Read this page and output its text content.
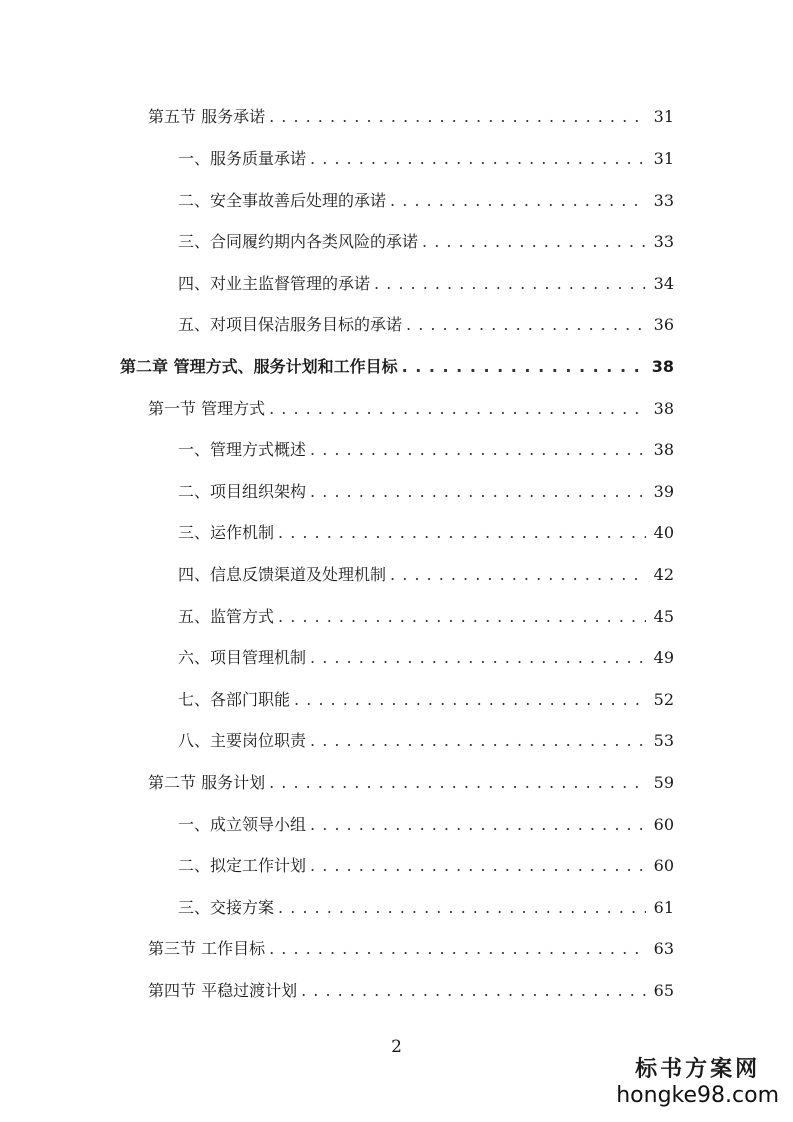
第五节 服务承诺 . . .	31
一、服务质量承诺 . . .	31
二、安全事故善后处理的承诺 . . .	33
三、合同履约期内各类风险的承诺 . . .	33
四、对业主监督管理的承诺 . . .	34
五、对项目保洁服务目标的承诺 . . .	36
第二章 管理方式、服务计划和工作目标 . . .	38
第一节 管理方式 . . .	38
一、管理方式概述 . . .	38
二、项目组织架构 . . .	39
三、运作机制 . . .	40
四、信息反馈渠道及处理机制 . . .	42
五、监管方式 . . .	45
六、项目管理机制 . . .	49
七、各部门职能 . . .	52
八、主要岗位职责 . . .	53
第二节 服务计划 . . .	59
一、成立领导小组 . . .	60
二、拟定工作计划 . . .	60
三、交接方案 . . .	61
第三节 工作目标 . . .	63
第四节 平稳过渡计划 . . .	65
2
标书方案网
hongke98.com
